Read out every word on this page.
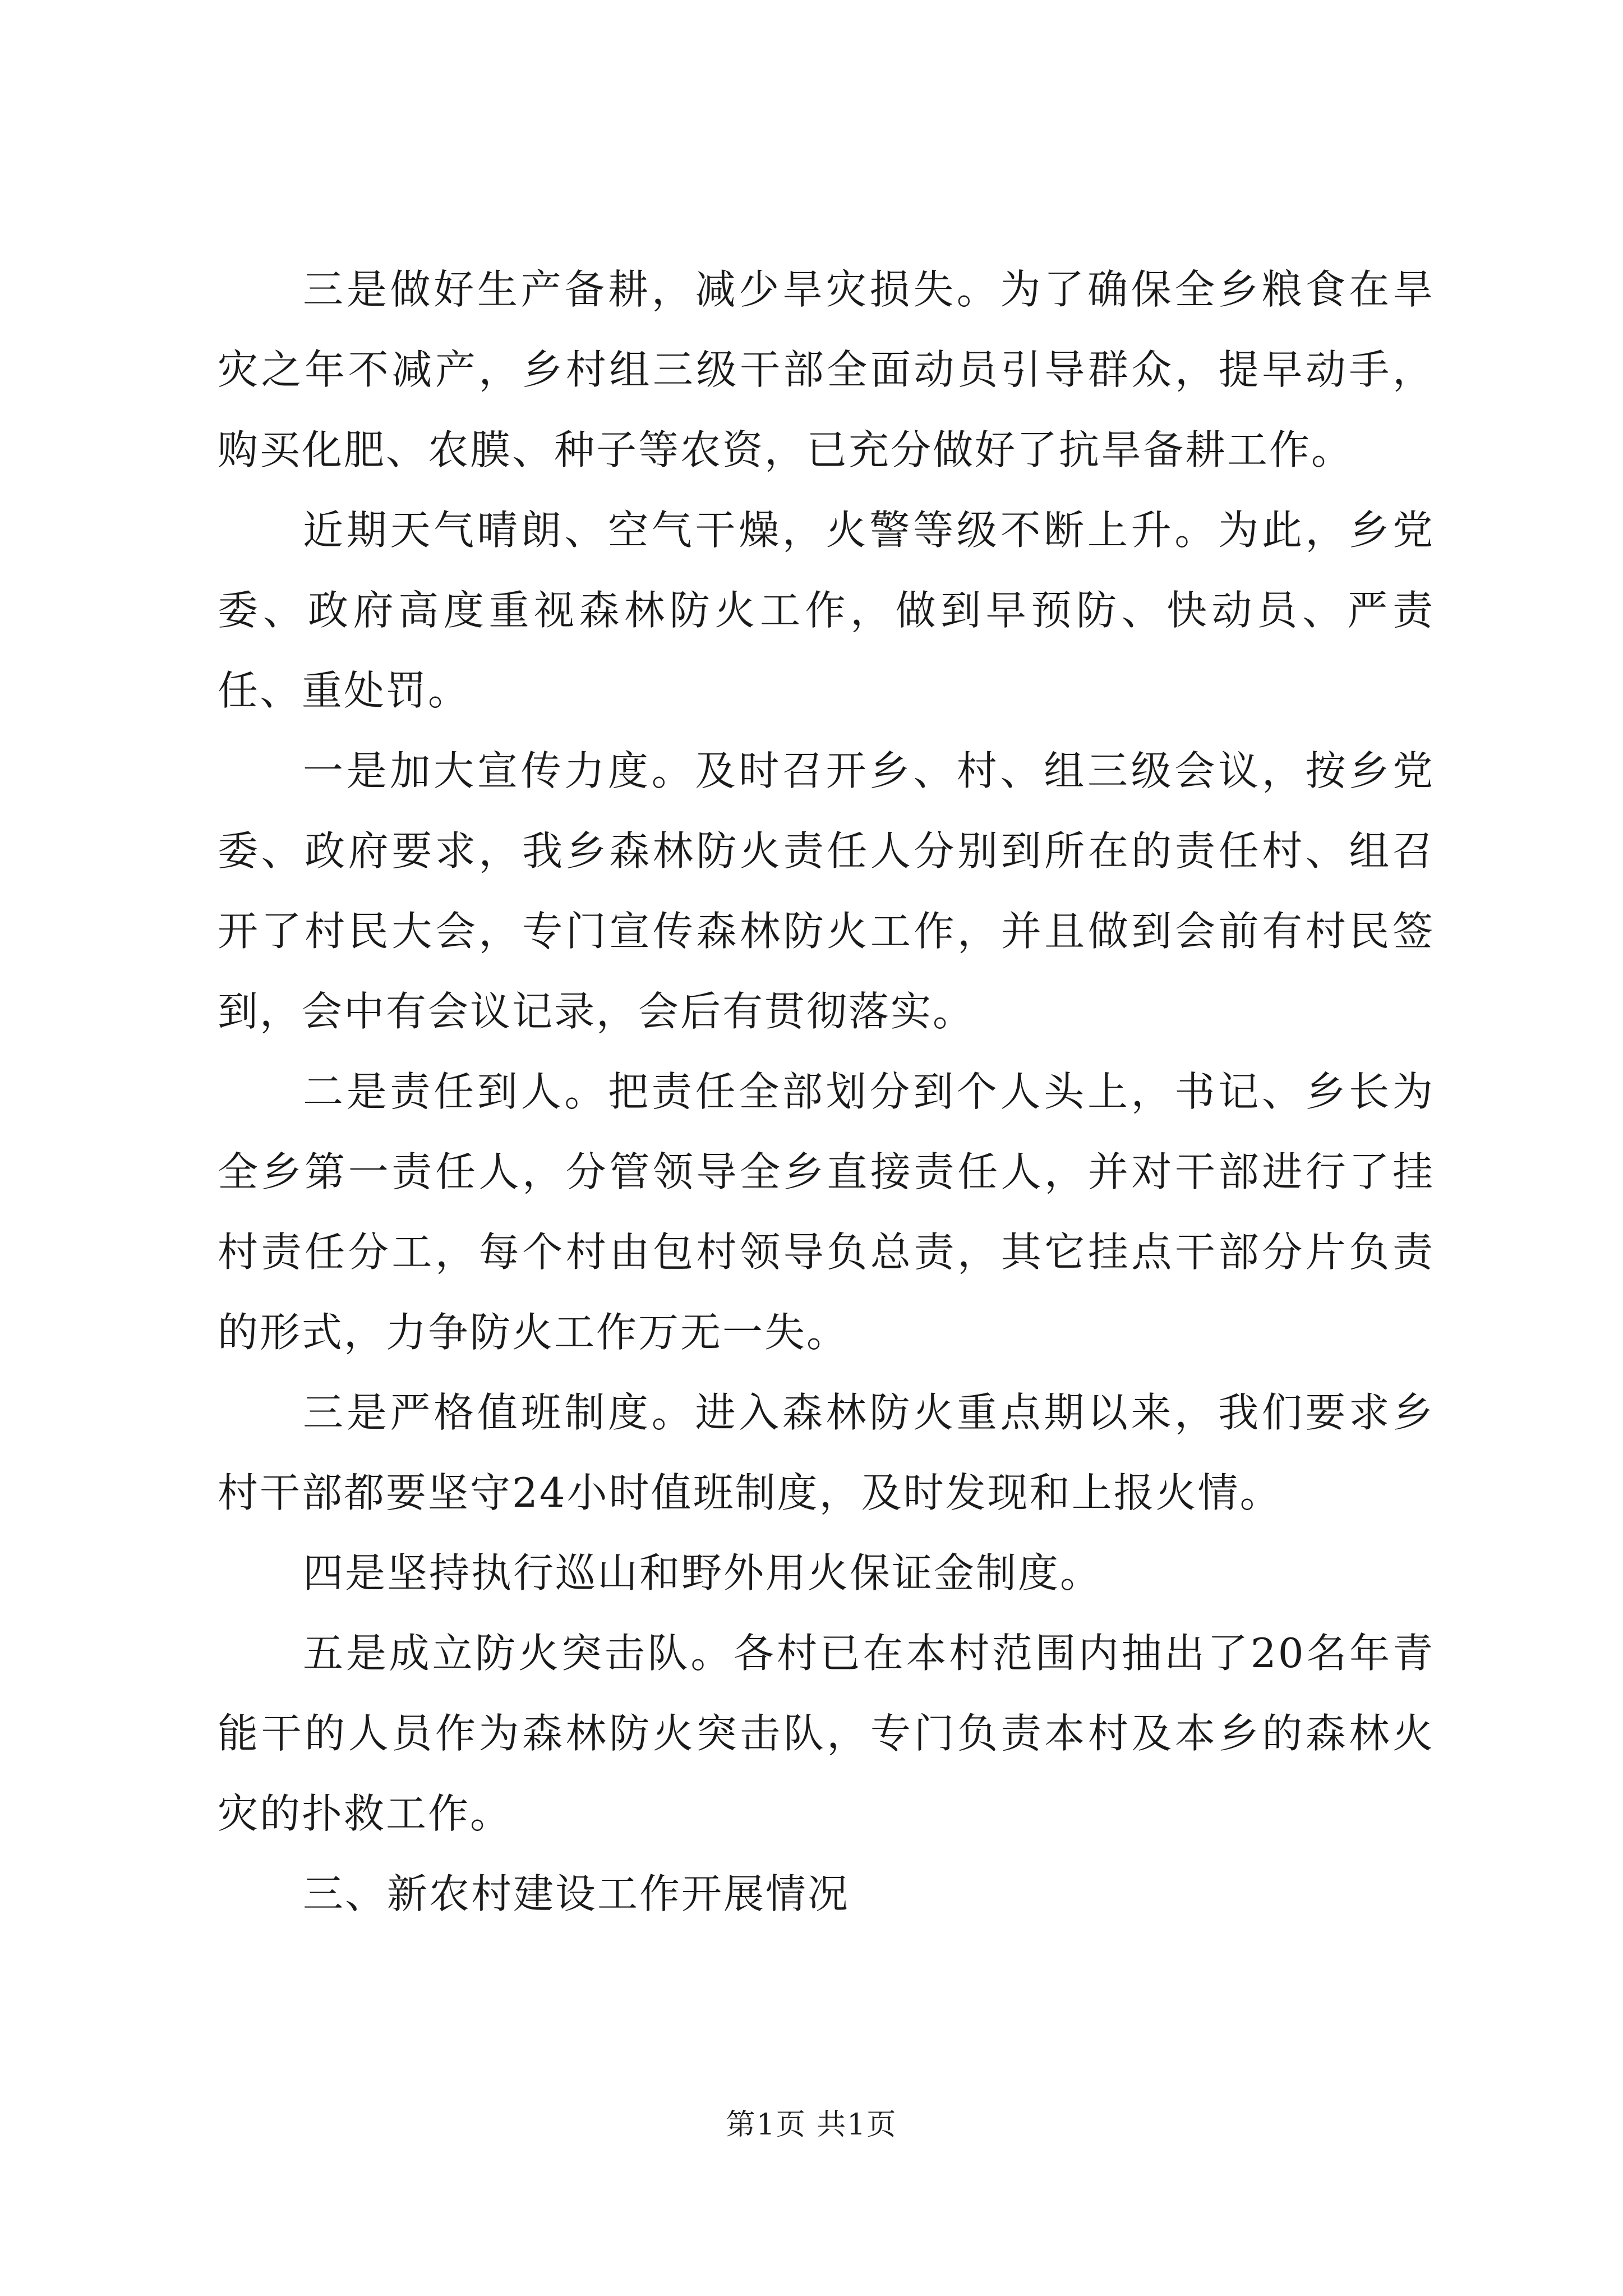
三是做好生产备耕，减少旱灾损失。为了确保全乡粮食在旱灾之年不减产，乡村组三级干部全面动员引导群众，提早动手，购买化肥、农膜、种子等农资，已充分做好了抗旱备耕工作。

近期天气晴朗、空气干燥，火警等级不断上升。为此，乡党委、政府高度重视森林防火工作，做到早预防、快动员、严责任、重处罚。

一是加大宣传力度。及时召开乡、村、组三级会议，按乡党委、政府要求，我乡森林防火责任人分别到所在的责任村、组召开了村民大会，专门宣传森林防火工作，并且做到会前有村民签到，会中有会议记录，会后有贯彻落实。

二是责任到人。把责任全部划分到个人头上，书记、乡长为全乡第一责任人，分管领导全乡直接责任人，并对干部进行了挂村责任分工，每个村由包村领导负总责，其它挂点干部分片负责的形式，力争防火工作万无一失。

三是严格值班制度。进入森林防火重点期以来，我们要求乡村干部都要坚守24小时值班制度，及时发现和上报火情。

四是坚持执行巡山和野外用火保证金制度。

五是成立防火突击队。各村已在本村范围内抽出了20名年青能干的人员作为森林防火突击队，专门负责本村及本乡的森林火灾的扑救工作。

三、新农村建设工作开展情况

第1页 共1页
